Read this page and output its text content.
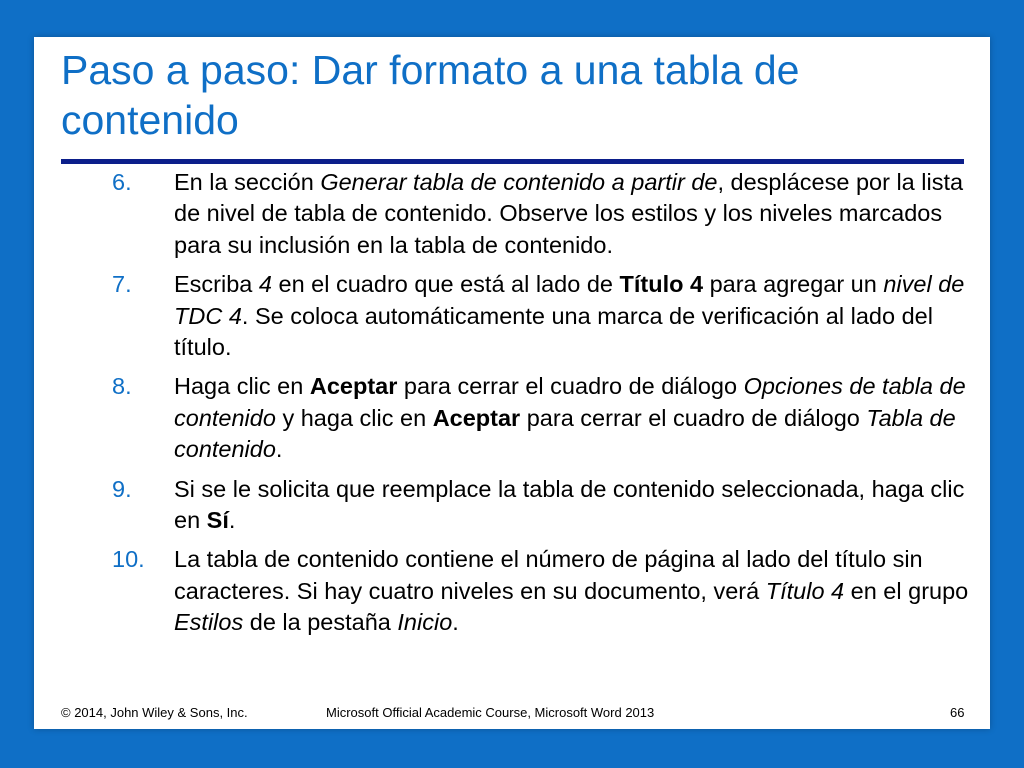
Paso a paso: Dar formato a una tabla de contenido
6. En la sección Generar tabla de contenido a partir de, desplácese por la lista de nivel de tabla de contenido. Observe los estilos y los niveles marcados para su inclusión en la tabla de contenido.
7. Escriba 4 en el cuadro que está al lado de Título 4 para agregar un nivel de TDC 4. Se coloca automáticamente una marca de verificación al lado del título.
8. Haga clic en Aceptar para cerrar el cuadro de diálogo Opciones de tabla de contenido y haga clic en Aceptar para cerrar el cuadro de diálogo Tabla de contenido.
9. Si se le solicita que reemplace la tabla de contenido seleccionada, haga clic en Sí.
10. La tabla de contenido contiene el número de página al lado del título sin caracteres. Si hay cuatro niveles en su documento, verá Título 4 en el grupo Estilos de la pestaña Inicio.
© 2014, John Wiley & Sons, Inc.	Microsoft Official Academic Course, Microsoft Word 2013	66
